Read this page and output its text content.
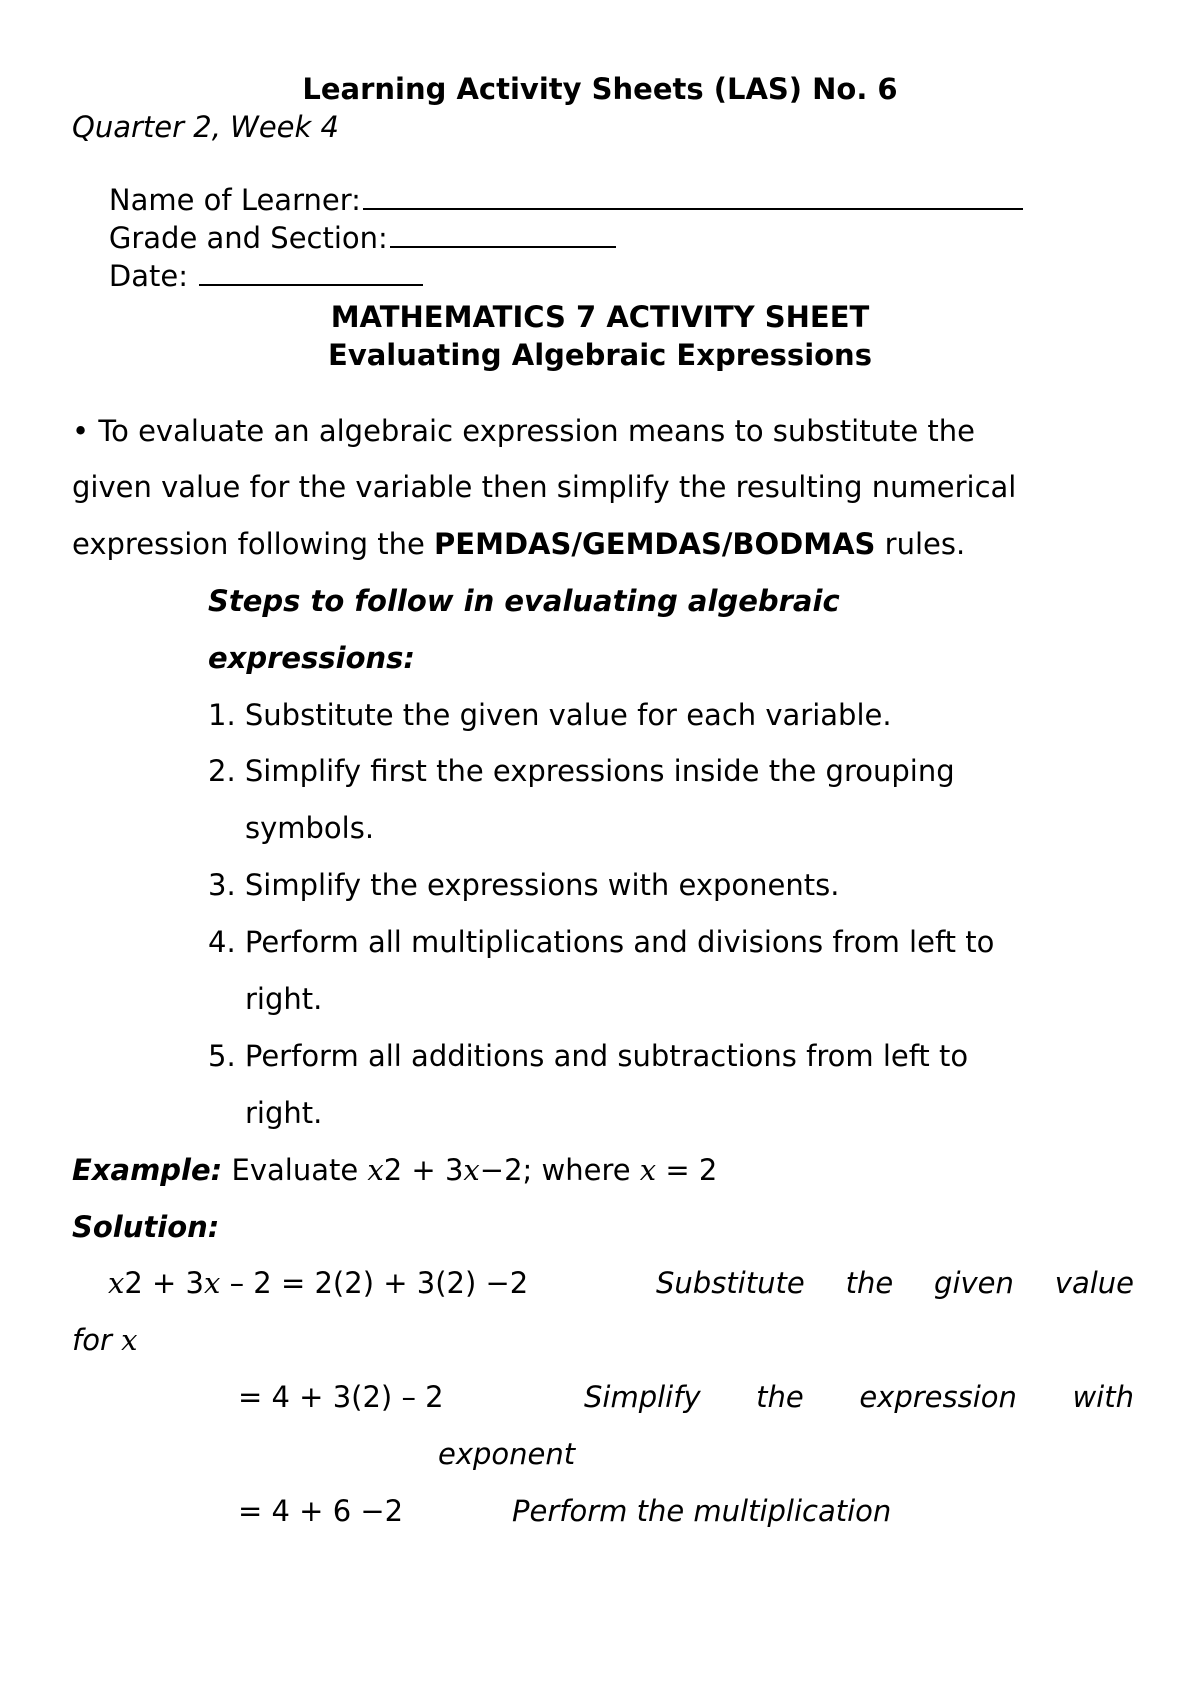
Learning Activity Sheets (LAS) No. 6
Quarter 2, Week 4

Name of Learner:

Grade and Section:

Date:

MATHEMATICS 7 ACTIVITY SHEET
Evaluating Algebraic Expressions
• To evaluate an algebraic expression means to substitute the
given value for the variable then simplify the resulting numerical
expression following the PEMDAS/GEMDAS/BODMAS rules.
Steps to follow in evaluating algebraic
expressions:
1. Substitute the given value for each variable.
2. Simplify first the expressions inside the grouping
symbols.
3. Simplify the expressions with exponents.
4. Perform all multiplications and divisions from left to
right.
5. Perform all additions and subtractions from left to
right.
Example: Evaluate x2 + 3x−2; where x = 2
Solution:
x2 + 3x – 2 = 2(2) + 3(2) −2	Substitute the given value
for x
= 4 + 3(2) – 2	Simplify the expression with
exponent
= 4 + 6 −2	Perform the multiplication
